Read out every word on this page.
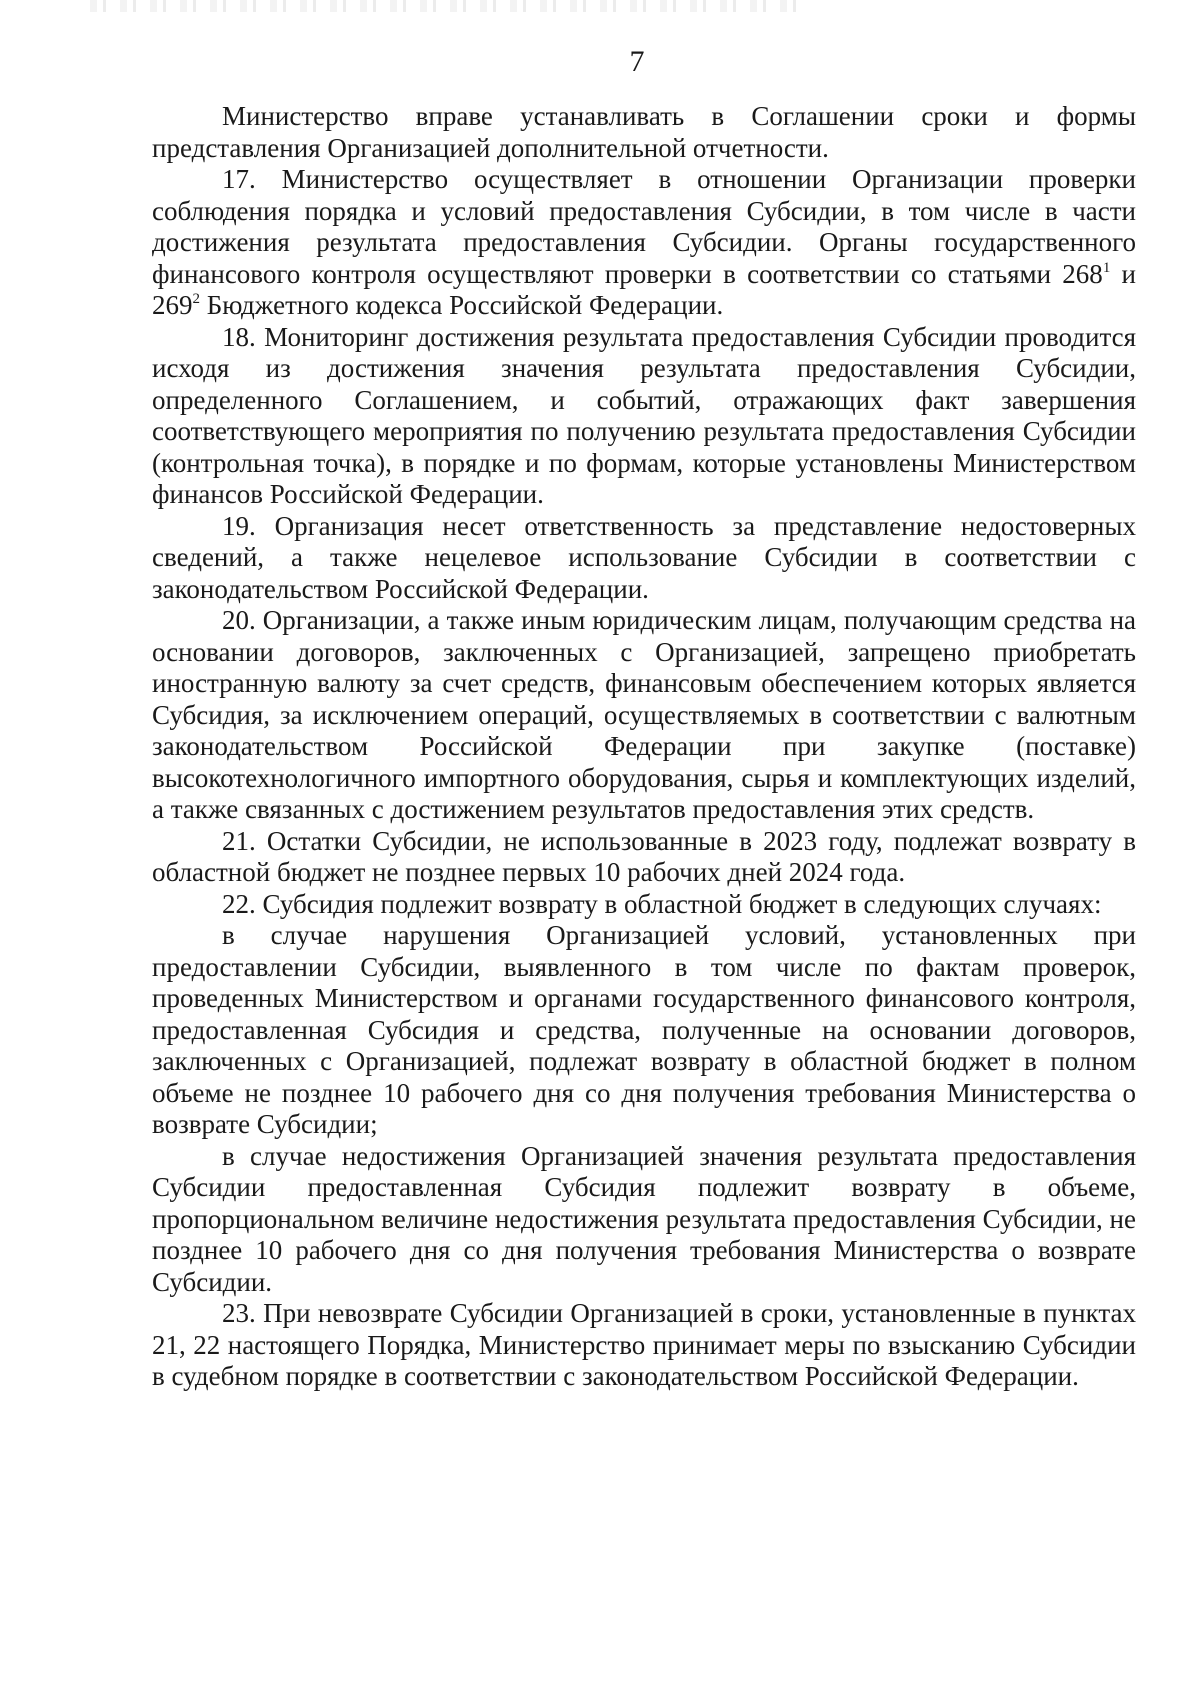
7

Министерство вправе устанавливать в Соглашении сроки и формы представления Организацией дополнительной отчетности.

17. Министерство осуществляет в отношении Организации проверки соблюдения порядка и условий предоставления Субсидии, в том числе в части достижения результата предоставления Субсидии. Органы государственного финансового контроля осуществляют проверки в соответствии со статьями $268^1$ и $269^2$ Бюджетного кодекса Российской Федерации.

18. Мониторинг достижения результата предоставления Субсидии проводится исходя из достижения значения результата предоставления Субсидии, определенного Соглашением, и событий, отражающих факт завершения соответствующего мероприятия по получению результата предоставления Субсидии (контрольная точка), в порядке и по формам, которые установлены Министерством финансов Российской Федерации.

19. Организация несет ответственность за представление недостоверных сведений, а также нецелевое использование Субсидии в соответствии с законодательством Российской Федерации.

20. Организации, а также иным юридическим лицам, получающим средства на основании договоров, заключенных с Организацией, запрещено приобретать иностранную валюту за счет средств, финансовым обеспечением которых является Субсидия, за исключением операций, осуществляемых в соответствии с валютным законодательством Российской Федерации при закупке (поставке) высокотехнологичного импортного оборудования, сырья и комплектующих изделий, а также связанных с достижением результатов предоставления этих средств.

21. Остатки Субсидии, не использованные в 2023 году, подлежат возврату в областной бюджет не позднее первых 10 рабочих дней 2024 года.

22. Субсидия подлежит возврату в областной бюджет в следующих случаях:

в случае нарушения Организацией условий, установленных при предоставлении Субсидии, выявленного в том числе по фактам проверок, проведенных Министерством и органами государственного финансового контроля, предоставленная Субсидия и средства, полученные на основании договоров, заключенных с Организацией, подлежат возврату в областной бюджет в полном объеме не позднее 10 рабочего дня со дня получения требования Министерства о возврате Субсидии;

в случае недостижения Организацией значения результата предоставления Субсидии предоставленная Субсидия подлежит возврату в объеме, пропорциональном величине недостижения результата предоставления Субсидии, не позднее 10 рабочего дня со дня получения требования Министерства о возврате Субсидии.

23. При невозврате Субсидии Организацией в сроки, установленные в пунктах 21, 22 настоящего Порядка, Министерство принимает меры по взысканию Субсидии в судебном порядке в соответствии с законодательством Российской Федерации.
